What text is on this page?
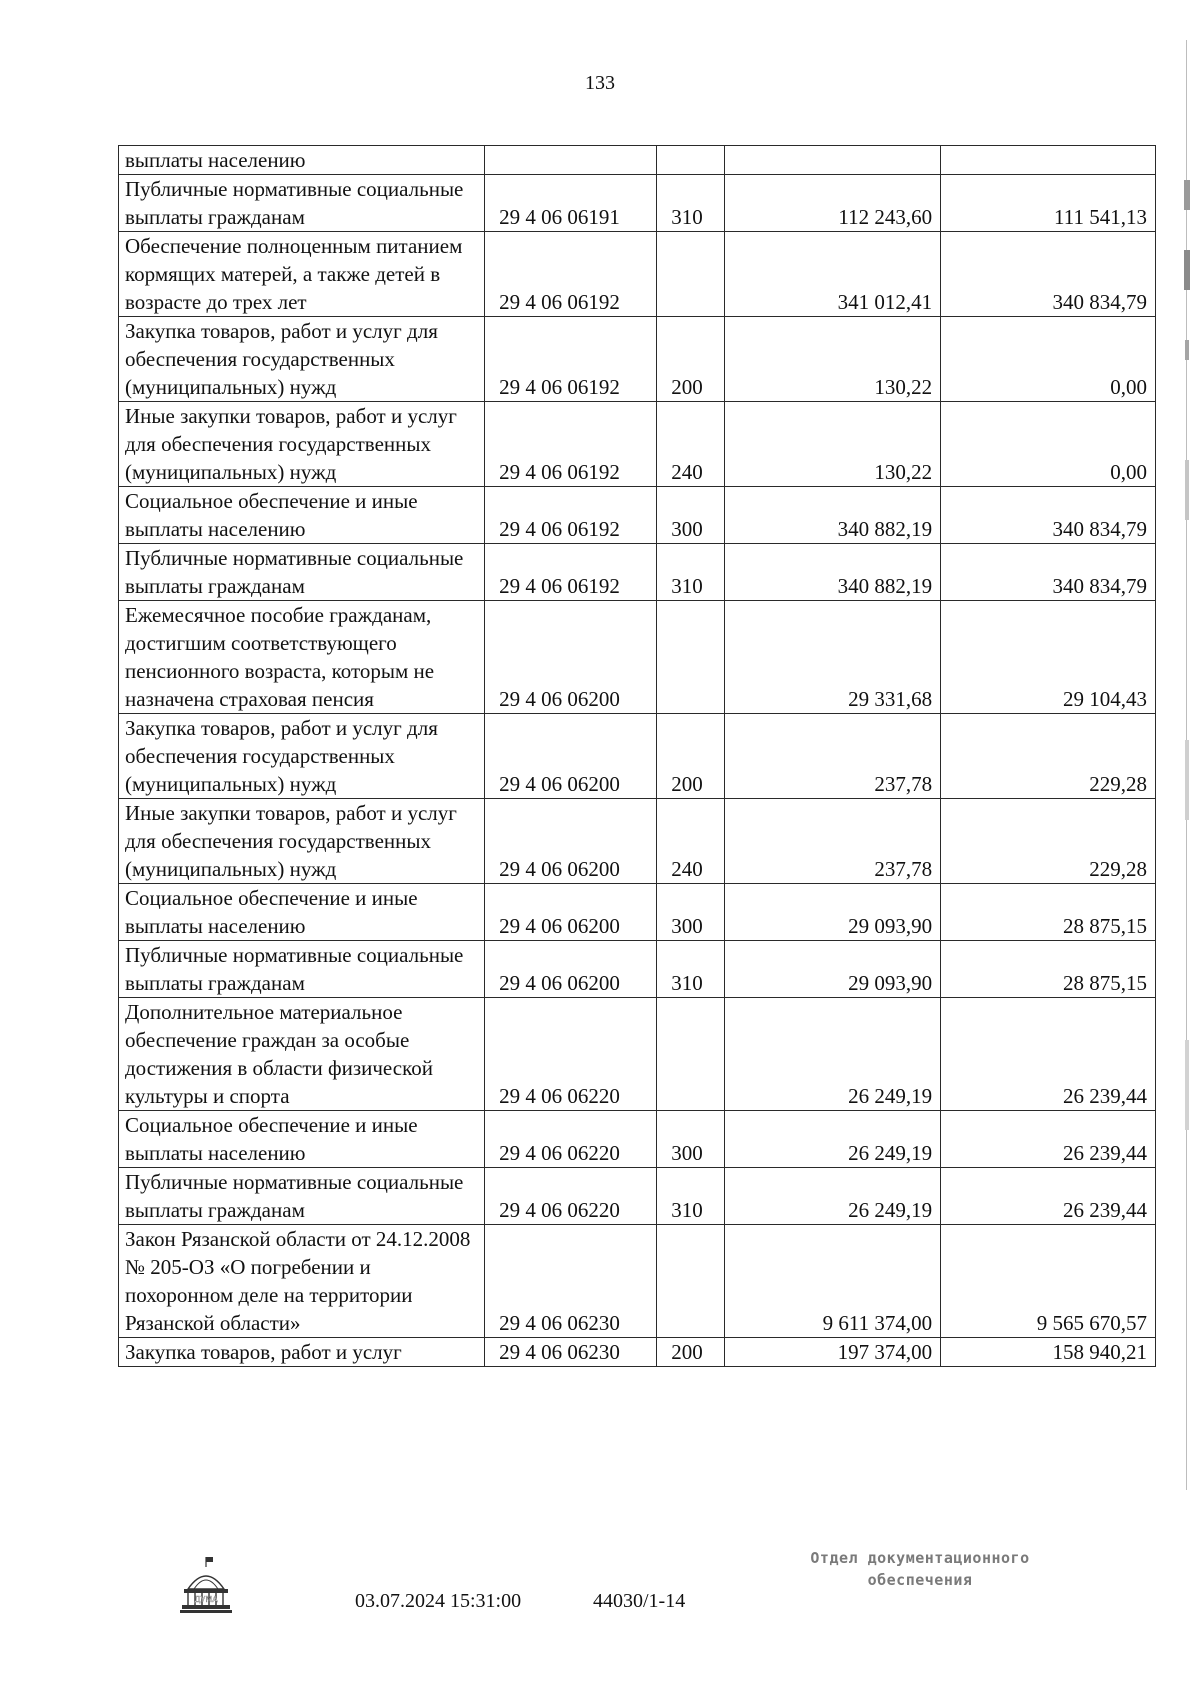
133
выплаты населению				
Публичные нормативные социальные выплаты гражданам	29 4 06 06191	310	112 243,60	111 541,13
Обеспечение полноценным питанием кормящих матерей, а также детей в возрасте до трех лет	29 4 06 06192		341 012,41	340 834,79
Закупка товаров, работ и услуг для обеспечения государственных (муниципальных) нужд	29 4 06 06192	200	130,22	0,00
Иные закупки товаров, работ и услуг для обеспечения государственных (муниципальных) нужд	29 4 06 06192	240	130,22	0,00
Социальное обеспечение и иные выплаты населению	29 4 06 06192	300	340 882,19	340 834,79
Публичные нормативные социальные выплаты гражданам	29 4 06 06192	310	340 882,19	340 834,79
Ежемесячное пособие гражданам, достигшим соответствующего пенсионного возраста, которым не назначена страховая пенсия	29 4 06 06200		29 331,68	29 104,43
Закупка товаров, работ и услуг для обеспечения государственных (муниципальных) нужд	29 4 06 06200	200	237,78	229,28
Иные закупки товаров, работ и услуг для обеспечения государственных (муниципальных) нужд	29 4 06 06200	240	237,78	229,28
Социальное обеспечение и иные выплаты населению	29 4 06 06200	300	29 093,90	28 875,15
Публичные нормативные социальные выплаты гражданам	29 4 06 06200	310	29 093,90	28 875,15
Дополнительное материальное обеспечение граждан за особые достижения в области физической культуры и спорта	29 4 06 06220		26 249,19	26 239,44
Социальное обеспечение и иные выплаты населению	29 4 06 06220	300	26 249,19	26 239,44
Публичные нормативные социальные выплаты гражданам	29 4 06 06220	310	26 249,19	26 239,44
Закон Рязанской области от 24.12.2008 № 205-ОЗ «О погребении и похоронном деле на территории Рязанской области»	29 4 06 06230		9 611 374,00	9 565 670,57
Закупка товаров, работ и услуг	29 4 06 06230	200	197 374,00	158 940,21
ДУМА	03.07.2024 15:31:00	44030/1-14
Отдел документационного
обеспечения
